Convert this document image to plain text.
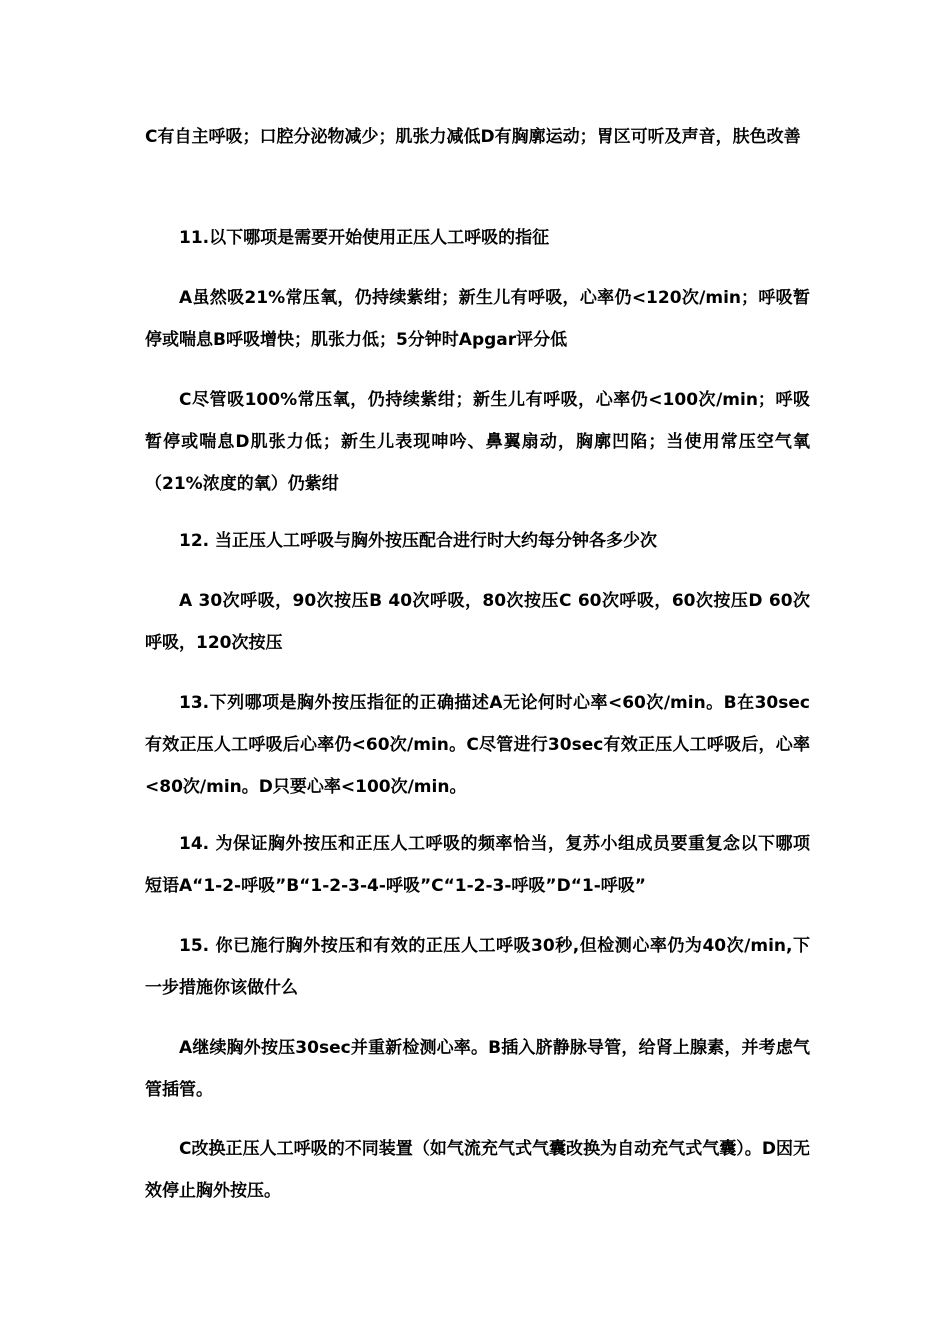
C有自主呼吸；口腔分泌物减少；肌张力减低D有胸廓运动；胃区可听及声音，肤色改善

11.以下哪项是需要开始使用正压人工呼吸的指征

A虽然吸21%常压氧，仍持续紫绀；新生儿有呼吸，心率仍<120次/min；呼吸暂停或喘息B呼吸增快；肌张力低；5分钟时Apgar评分低

C尽管吸100%常压氧，仍持续紫绀；新生儿有呼吸，心率仍<100次/min；呼吸暂停或喘息D肌张力低；新生儿表现呻吟、鼻翼扇动，胸廓凹陷；当使用常压空气氧（21%浓度的氧）仍紫绀

12. 当正压人工呼吸与胸外按压配合进行时大约每分钟各多少次

A 30次呼吸，90次按压B 40次呼吸，80次按压C 60次呼吸，60次按压D 60次呼吸，120次按压

13.下列哪项是胸外按压指征的正确描述A无论何时心率<60次/min。B在30sec有效正压人工呼吸后心率仍<60次/min。C尽管进行30sec有效正压人工呼吸后，心率<80次/min。D只要心率<100次/min。

14. 为保证胸外按压和正压人工呼吸的频率恰当，复苏小组成员要重复念以下哪项短语A“1-2-呼吸”B“1-2-3-4-呼吸”C“1-2-3-呼吸”D“1-呼吸”

15. 你已施行胸外按压和有效的正压人工呼吸30秒,但检测心率仍为40次/min,下一步措施你该做什么

A继续胸外按压30sec并重新检测心率。B插入脐静脉导管，给肾上腺素，并考虑气管插管。

C改换正压人工呼吸的不同装置（如气流充气式气囊改换为自动充气式气囊）。D因无效停止胸外按压。
